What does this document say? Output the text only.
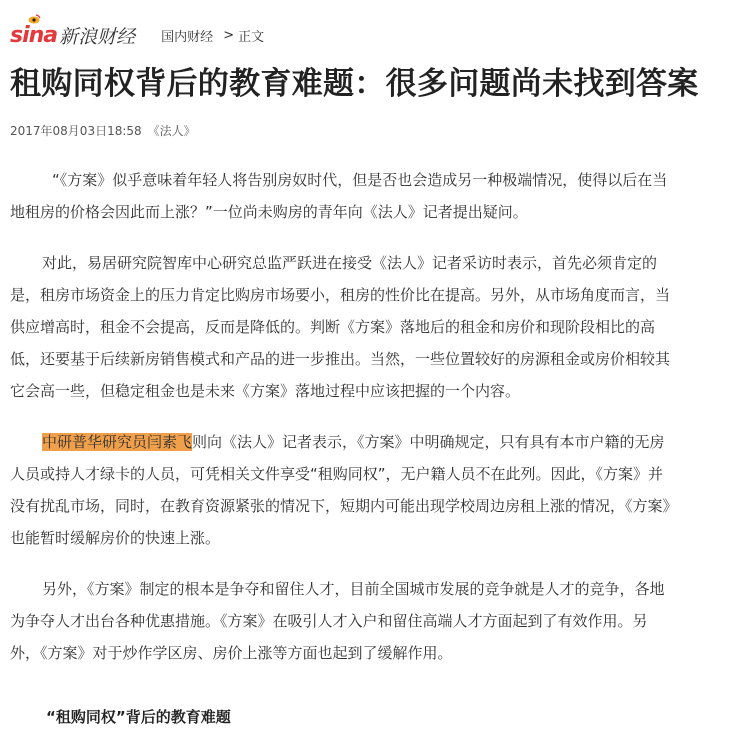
sina 新浪财经 国内财经 > 正文
租购同权背后的教育难题：很多问题尚未找到答案
2017年08月03日18:58 《法人》

“《方案》似乎意味着年轻人将告别房奴时代，但是否也会造成另一种极端情况，使得以后在当地租房的价格会因此而上涨？”一位尚未购房的青年向《法人》记者提出疑问。

对此，易居研究院智库中心研究总监严跃进在接受《法人》记者采访时表示，首先必须肯定的是，租房市场资金上的压力肯定比购房市场要小，租房的性价比在提高。另外，从市场角度而言，当供应增高时，租金不会提高，反而是降低的。判断《方案》落地后的租金和房价和现阶段相比的高低，还要基于后续新房销售模式和产品的进一步推出。当然，一些位置较好的房源租金或房价相较其它会高一些，但稳定租金也是未来《方案》落地过程中应该把握的一个内容。

中研普华研究员闫素飞则向《法人》记者表示，《方案》中明确规定，只有具有本市户籍的无房人员或持人才绿卡的人员，可凭相关文件享受“租购同权”，无户籍人员不在此列。因此，《方案》并没有扰乱市场，同时，在教育资源紧张的情况下，短期内可能出现学校周边房租上涨的情况，《方案》也能暂时缓解房价的快速上涨。

另外，《方案》制定的根本是争夺和留住人才，目前全国城市发展的竞争就是人才的竞争，各地为争夺人才出台各种优惠措施。《方案》在吸引人才入户和留住高端人才方面起到了有效作用。另外，《方案》对于炒作学区房、房价上涨等方面也起到了缓解作用。

“租购同权”背后的教育难题
